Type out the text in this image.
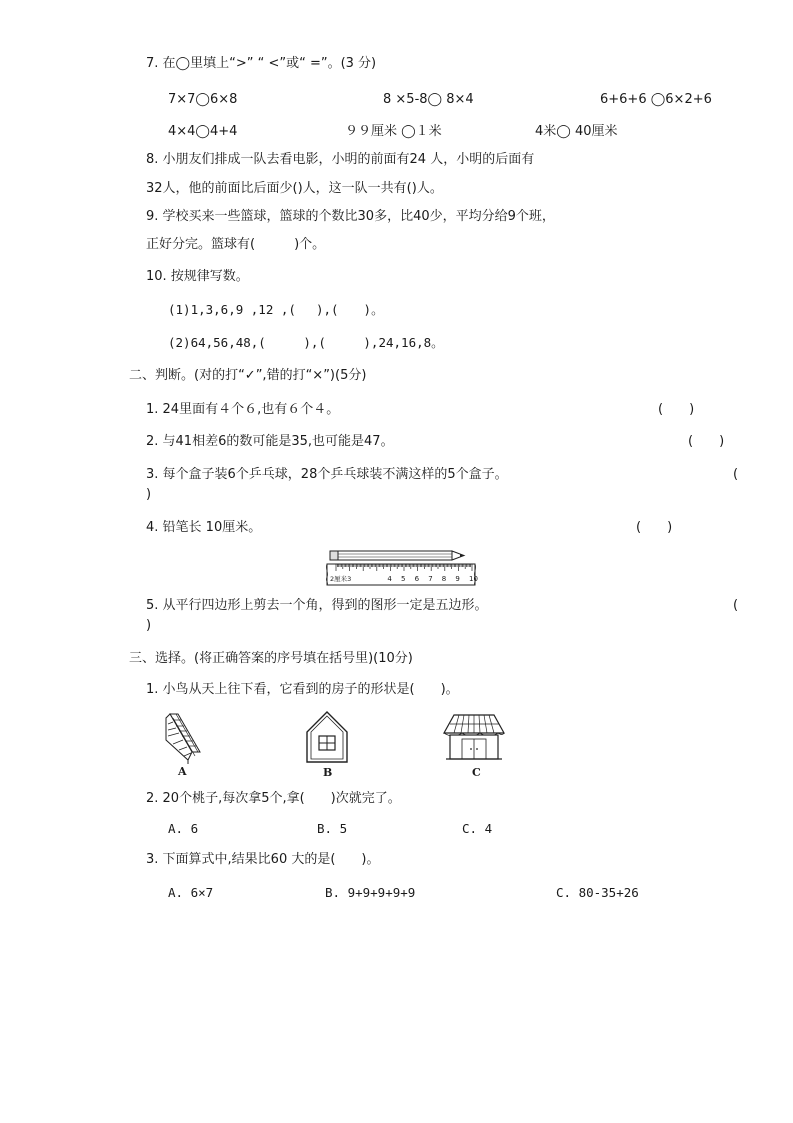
7. 在◯里填上“>” “ <”或“ =”。(3 分)
7×7◯6×8	8 ×5-8◯ 8×4	6+6+6 ◯6×2+6
4×4◯4+4	９９厘米 ◯１米	4米◯ 40厘米
8. 小朋友们排成一队去看电影，小明的前面有24 人，小明的后面有
32人，他的前面比后面少()人，这一队一共有()人。
9. 学校买来一些篮球，篮球的个数比30多，比40少，平均分给9个班，
正好分完。篮球有(　　　)个。
10. 按规律写数。
(1)1,3,6,9 ,12 ,(　 ),(　　)。
(2)64,56,48,(　　　),(　　　),24,16,8。
二、判断。(对的打“✓”,错的打“×”)(5分)
1. 24里面有４个６,也有６个４。	(　　)
2. 与41相差6的数可能是35,也可能是47。	(　　)
3. 每个盒子装6个乒乓球，28个乒乓球装不满这样的5个盒子。	(
)
4. 铅笔长 10厘米。	(　　)
2厘米3	4 5 6 7 8 9 10
5. 从平行四边形上剪去一个角，得到的图形一定是五边形。	(
)
三、选择。(将正确答案的序号填在括号里)(10分)
1. 小鸟从天上往下看，它看到的房子的形状是(　　)。
A	B	C
2. 20个桃子,每次拿5个,拿(　　)次就完了。
A. 6	B. 5	C. 4
3. 下面算式中,结果比60 大的是(　　)。
A. 6×7	B. 9+9+9+9+9	C. 80-35+26
